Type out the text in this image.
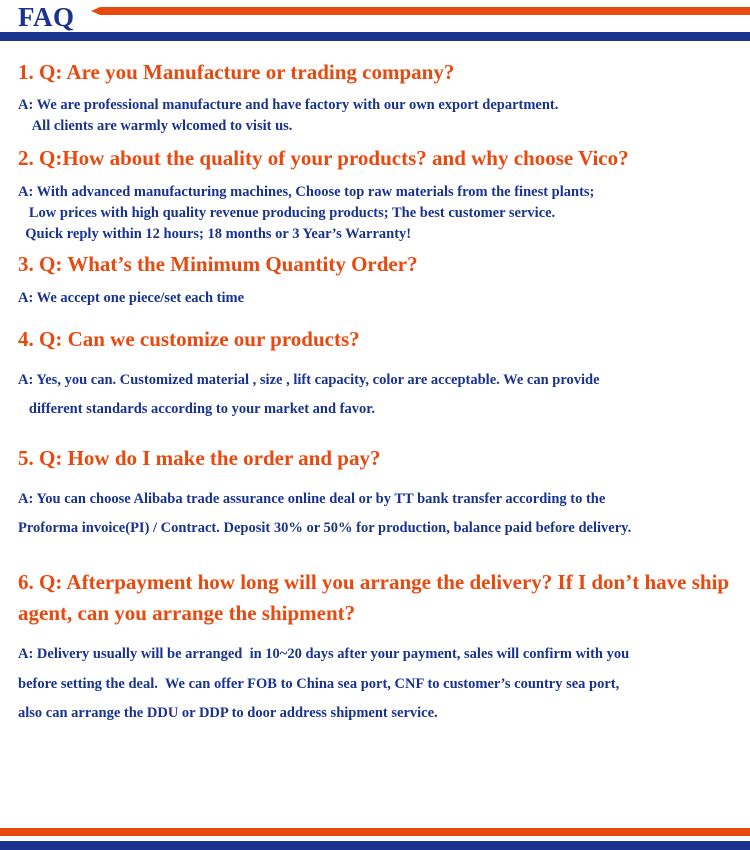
FAQ
1. Q: Are you Manufacture or trading company?
A: We are professional manufacture and have factory with our own export department.
All clients are warmly wlcomed to visit us.
2. Q:How about the quality of your products? and why choose Vico?
A: With advanced manufacturing machines, Choose top raw materials from the finest plants;
Low prices with high quality revenue producing products; The best customer service.
Quick reply within 12 hours; 18 months or 3 Year’s Warranty!
3. Q: What’s the Minimum Quantity Order?
A: We accept one piece/set each time
4. Q: Can we customize our products?
A: Yes, you can. Customized material , size , lift capacity, color are acceptable. We can provide
different standards according to your market and favor.
5. Q: How do I make the order and pay?
A: You can choose Alibaba trade assurance online deal or by TT bank transfer according to the
Proforma invoice(PI) / Contract. Deposit 30% or 50% for production, balance paid before delivery.
6. Q: Afterpayment how long will you arrange the delivery? If I don’t have ship agent, can you arrange the shipment?
A: Delivery usually will be arranged  in 10~20 days after your payment, sales will confirm with you
before setting the deal.  We can offer FOB to China sea port, CNF to customer’s country sea port,
also can arrange the DDU or DDP to door address shipment service.
